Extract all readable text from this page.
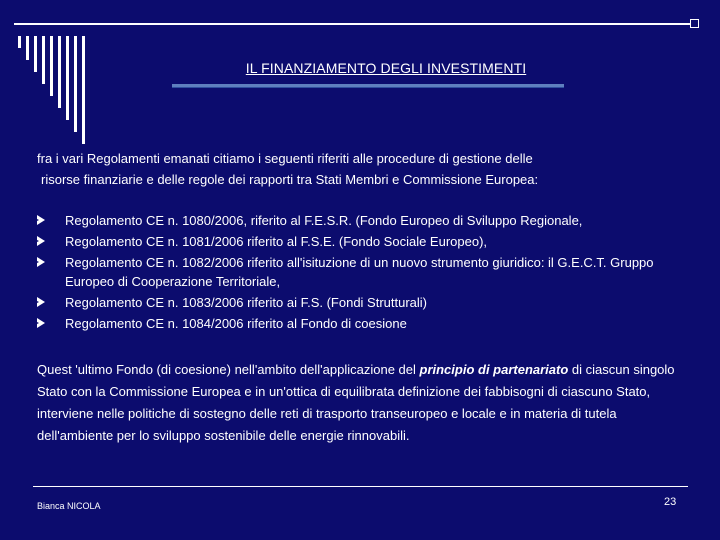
IL FINANZIAMENTO DEGLI INVESTIMENTI
fra i vari Regolamenti emanati citiamo i seguenti riferiti alle procedure di gestione delle
risorse finanziarie e delle regole dei rapporti tra Stati Membri e Commissione Europea:
Regolamento CE n. 1080/2006, riferito al F.E.S.R. (Fondo Europeo di Sviluppo Regionale,
Regolamento CE n. 1081/2006 riferito al F.S.E. (Fondo Sociale Europeo),
Regolamento CE n. 1082/2006 riferito all'isituzione di un nuovo strumento giuridico: il G.E.C.T. Gruppo Europeo di Cooperazione Territoriale,
Regolamento CE n. 1083/2006 riferito ai F.S. (Fondi Strutturali)
Regolamento CE n. 1084/2006 riferito al Fondo di coesione
Quest 'ultimo Fondo (di coesione) nell'ambito dell'applicazione del principio di partenariato di ciascun singolo Stato con la Commissione Europea e in un'ottica di equilibrata definizione dei fabbisogni di ciascuno Stato, interviene nelle politiche di sostegno delle reti di trasporto transeuropeo e locale e in materia di tutela dell'ambiente per lo sviluppo sostenibile delle energie rinnovabili.
Bianca NICOLA	23
